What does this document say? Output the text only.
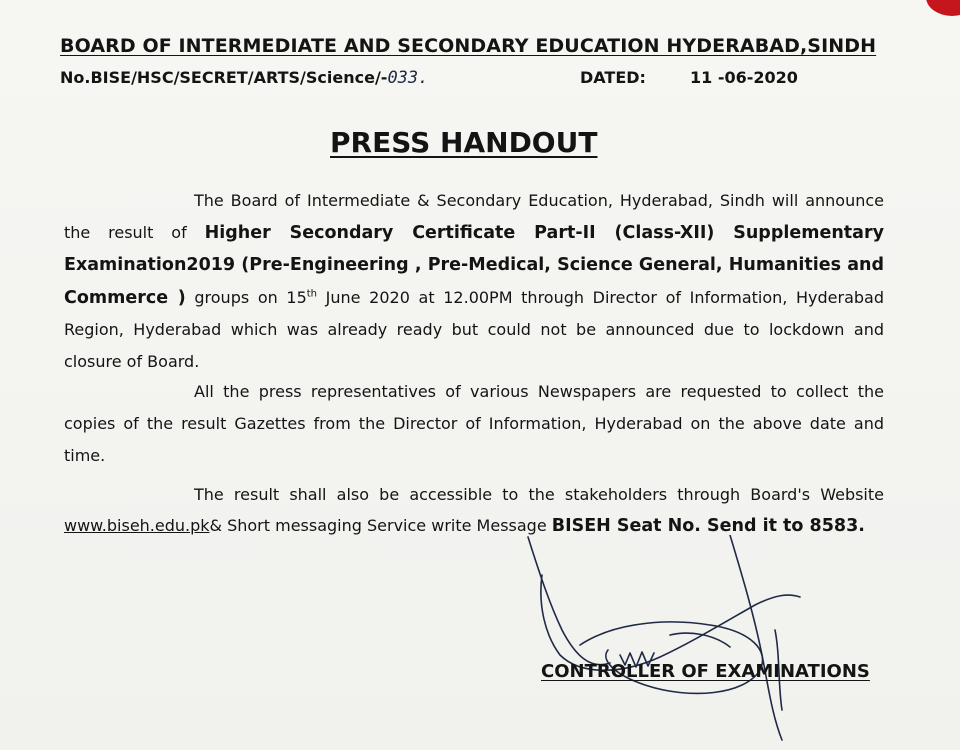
BOARD OF INTERMEDIATE AND SECONDARY EDUCATION HYDERABAD,SINDH
No.BISE/HSC/SECRET/ARTS/Science/-033.	DATED:	11 -06-2020
PRESS HANDOUT

The Board of Intermediate & Secondary Education, Hyderabad, Sindh will announce the result of Higher Secondary Certificate Part-II (Class-XII) Supplementary Examination2019 (Pre-Engineering , Pre-Medical, Science General, Humanities and Commerce ) groups on 15th June 2020 at 12.00PM through Director of Information, Hyderabad Region, Hyderabad which was already ready but could not be announced due to lockdown and closure of Board.

All the press representatives of various Newspapers are requested to collect the copies of the result Gazettes from the Director of Information, Hyderabad on the above date and time.

The result shall also be accessible to the stakeholders through Board's Website www.biseh.edu.pk& Short messaging Service write Message BISEH Seat No. Send it to 8583.

CONTROLLER OF EXAMINATIONS
